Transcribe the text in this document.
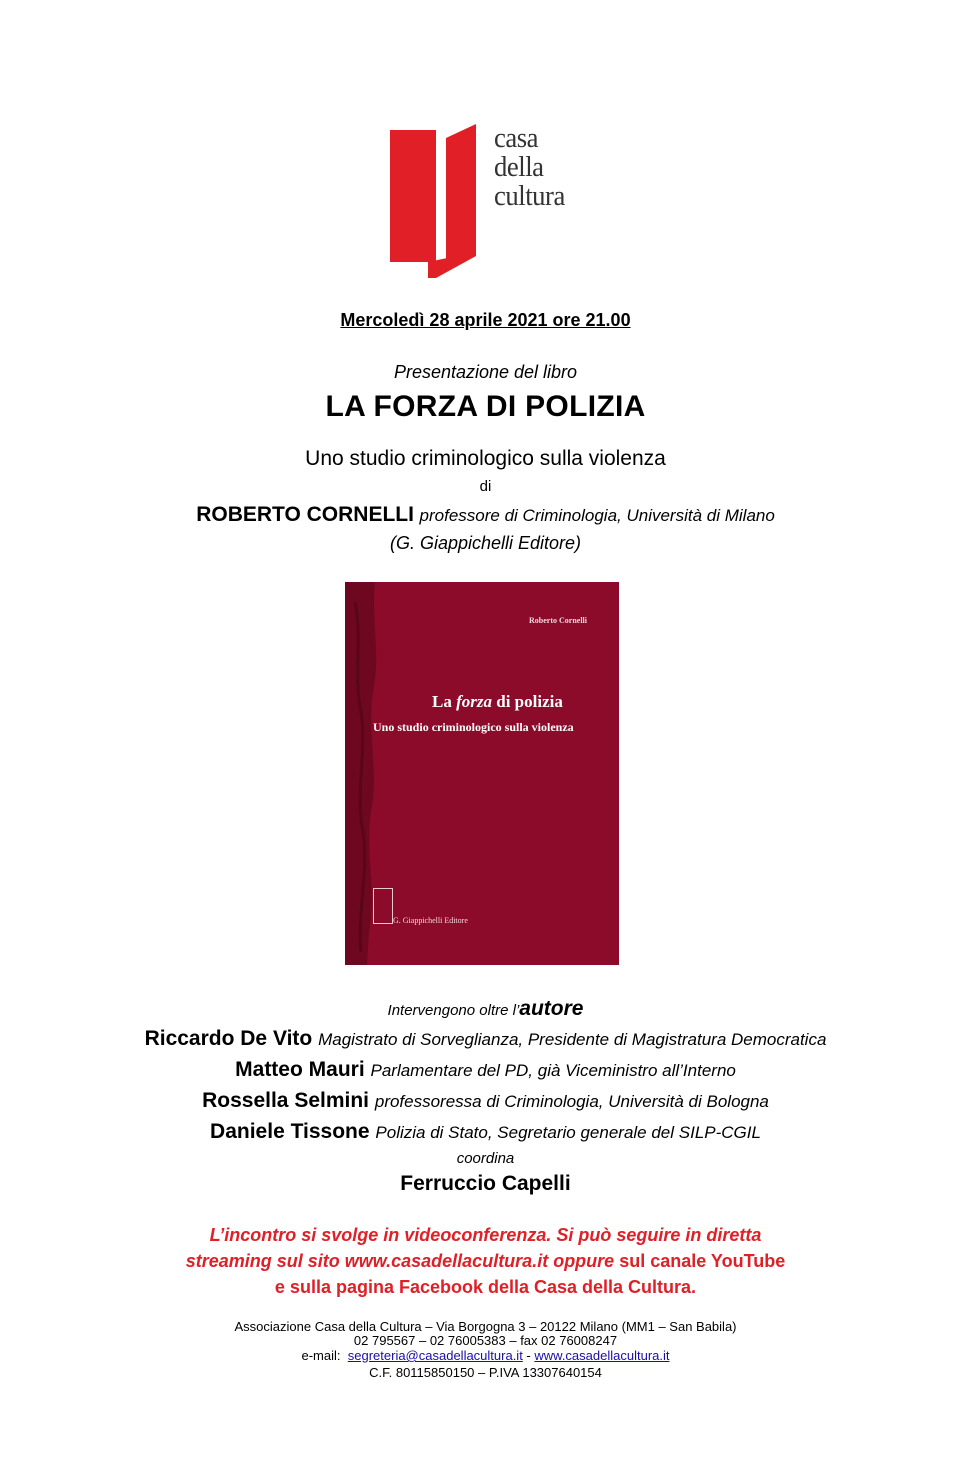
casa
della
cultura
Mercoledì 28 aprile 2021 ore 21.00
Presentazione del libro
LA FORZA DI POLIZIA
Uno studio criminologico sulla violenza
di
ROBERTO CORNELLI professore di Criminologia, Università di Milano
(G. Giappichelli Editore)
Roberto Cornelli
La forza di polizia
Uno studio criminologico sulla violenza
G. Giappichelli Editore
Intervengono oltre l’autore
Riccardo De Vito Magistrato di Sorveglianza, Presidente di Magistratura Democratica
Matteo Mauri Parlamentare del PD, già Viceministro all’Interno
Rossella Selmini professoressa di Criminologia, Università di Bologna
Daniele Tissone Polizia di Stato, Segretario generale del SILP-CGIL
coordina
Ferruccio Capelli
L’incontro si svolge in videoconferenza. Si può seguire in diretta
streaming sul sito www.casadellacultura.it oppure sul canale YouTube
e sulla pagina Facebook della Casa della Cultura.
Associazione Casa della Cultura – Via Borgogna 3 – 20122 Milano (MM1 – San Babila)
02 795567 – 02 76005383 – fax 02 76008247
e-mail: segreteria@casadellacultura.it - www.casadellacultura.it
C.F. 80115850150 – P.IVA 13307640154
